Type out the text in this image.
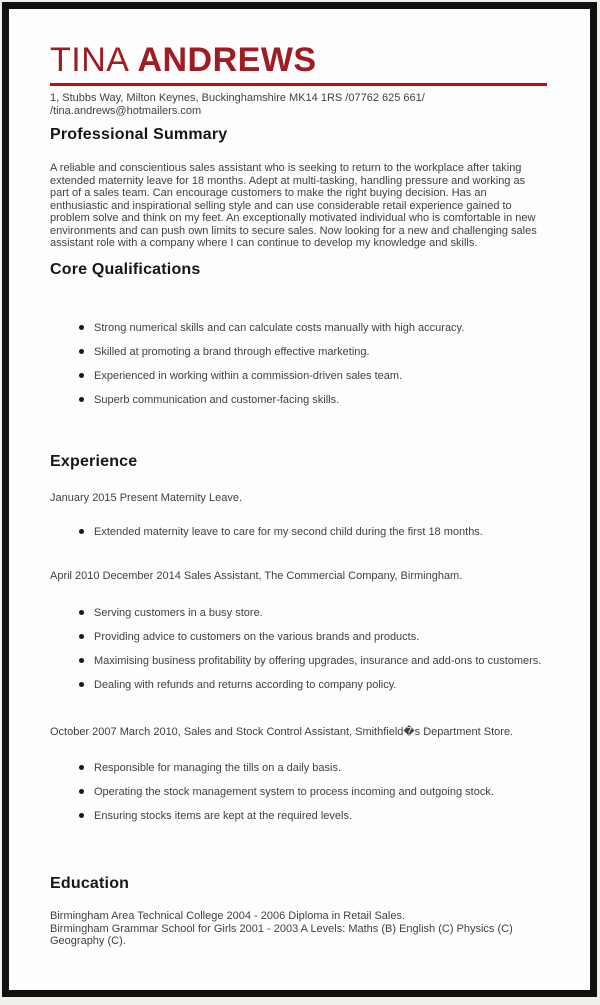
TINA ANDREWS

1, Stubbs Way, Milton Keynes, Buckinghamshire MK14 1RS /07762 625 661/
/tina.andrews@hotmailers.com

Professional Summary

A reliable and conscientious sales assistant who is seeking to return to the workplace after taking extended maternity leave for 18 months. Adept at multi-tasking, handling pressure and working as part of a sales team. Can encourage customers to make the right buying decision. Has an enthusiastic and inspirational selling style and can use considerable retail experience gained to problem solve and think on my feet. An exceptionally motivated individual who is comfortable in new environments and can push own limits to secure sales. Now looking for a new and challenging sales assistant role with a company where I can continue to develop my knowledge and skills.

Core Qualifications
Strong numerical skills and can calculate costs manually with high accuracy.
Skilled at promoting a brand through effective marketing.
Experienced in working within a commission-driven sales team.
Superb communication and customer-facing skills.
Experience

January 2015 Present Maternity Leave.

Extended maternity leave to care for my second child during the first 18 months.

April 2010 December 2014 Sales Assistant, The Commercial Company, Birmingham.

Serving customers in a busy store.
Providing advice to customers on the various brands and products.
Maximising business profitability by offering upgrades, insurance and add-ons to customers.
Dealing with refunds and returns according to company policy.

October 2007 March 2010, Sales and Stock Control Assistant, Smithfield�s Department Store.

Responsible for managing the tills on a daily basis.
Operating the stock management system to process incoming and outgoing stock.
Ensuring stocks items are kept at the required levels.
Education

Birmingham Area Technical College 2004 - 2006 Diploma in Retail Sales.
Birmingham Grammar School for Girls 2001 - 2003 A Levels: Maths (B) English (C) Physics (C) Geography (C).
